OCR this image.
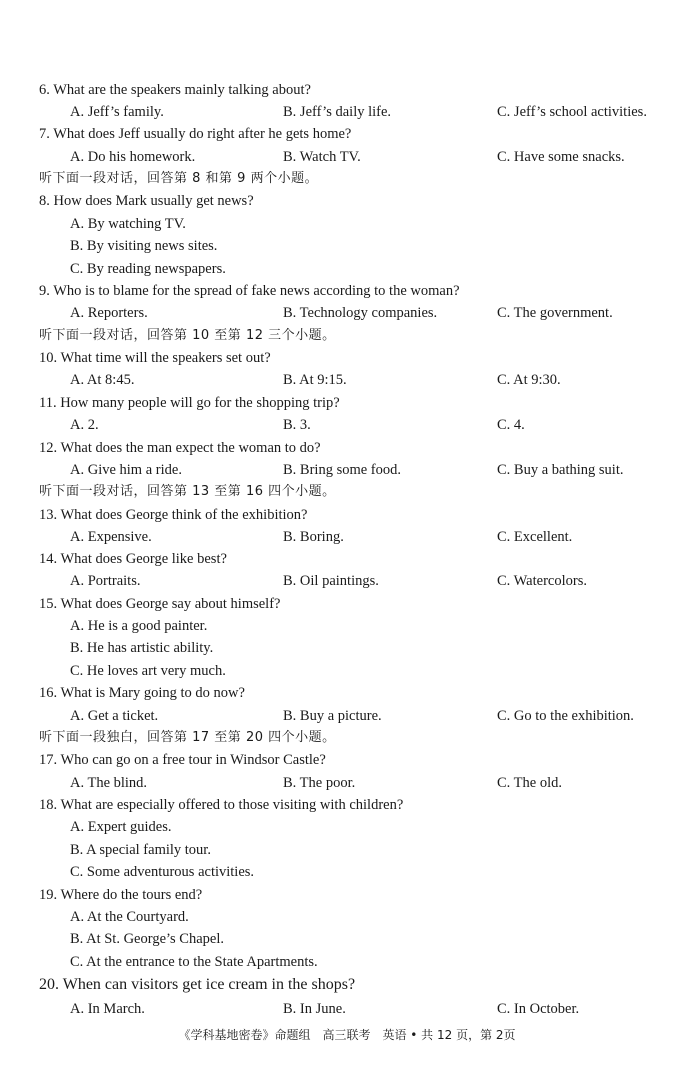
6. What are the speakers mainly talking about?
A. Jeff’s family.	B. Jeff’s daily life.	C. Jeff’s school activities.
7. What does Jeff usually do right after he gets home?
A. Do his homework.	B. Watch TV.	C. Have some snacks.
听下面一段对话，回答第 8 和第 9 两个小题。
8. How does Mark usually get news?
A. By watching TV.
B. By visiting news sites.
C. By reading newspapers.
9. Who is to blame for the spread of fake news according to the woman?
A. Reporters.	B. Technology companies.	C. The government.
听下面一段对话，回答第 10 至第 12 三个小题。
10. What time will the speakers set out?
A. At 8:45.	B. At 9:15.	C. At 9:30.
11. How many people will go for the shopping trip?
A. 2.	B. 3.	C. 4.
12. What does the man expect the woman to do?
A. Give him a ride.	B. Bring some food.	C. Buy a bathing suit.
听下面一段对话，回答第 13 至第 16 四个小题。
13. What does George think of the exhibition?
A. Expensive.	B. Boring.	C. Excellent.
14. What does George like best?
A. Portraits.	B. Oil paintings.	C. Watercolors.
15. What does George say about himself?
A. He is a good painter.
B. He has artistic ability.
C. He loves art very much.
16. What is Mary going to do now?
A. Get a ticket.	B. Buy a picture.	C. Go to the exhibition.
听下面一段独白，回答第 17 至第 20 四个小题。
17. Who can go on a free tour in Windsor Castle?
A. The blind.	B. The poor.	C. The old.
18. What are especially offered to those visiting with children?
A. Expert guides.
B. A special family tour.
C. Some adventurous activities.
19. Where do the tours end?
A. At the Courtyard.
B. At St. George’s Chapel.
C. At the entrance to the State Apartments.
20. When can visitors get ice cream in the shops?
A. In March.	B. In June.	C. In October.
《学科基地密卷》命题组　高三联考　英语 • 共 12 页，第 2页
